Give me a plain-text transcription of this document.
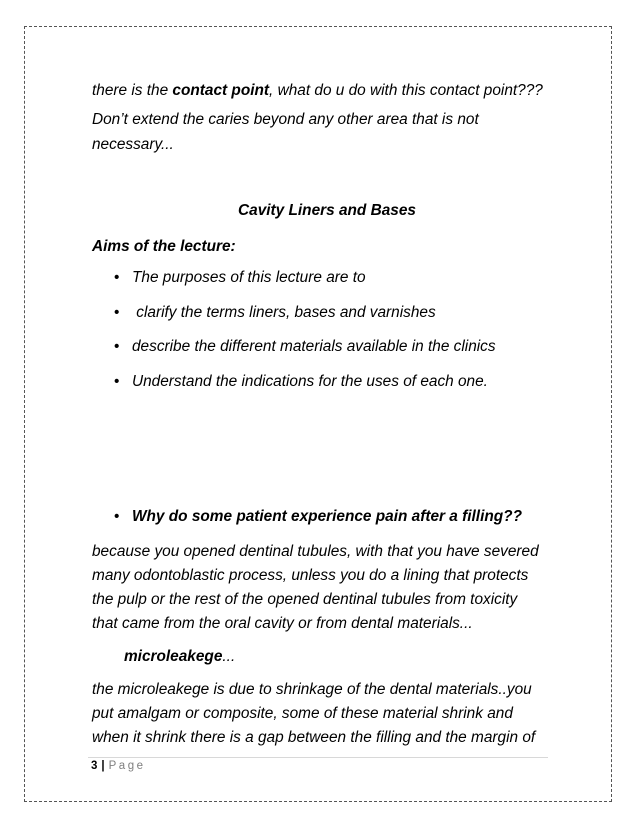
there is the contact point, what do u do with this contact point???
Don’t extend the caries beyond any other area that is not
necessary...
Cavity Liners and Bases
Aims of the lecture:
• The purposes of this lecture are to
• clarify the terms liners, bases and varnishes
• describe the different materials available in the clinics
• Understand the indications for the uses of each one.
• Why do some patient experience pain after a filling??
because you opened dentinal tubules, with that you have severed
many odontoblastic process, unless you do a lining that protects
the pulp or the rest of the opened dentinal tubules from toxicity
that came from the oral cavity or from dental materials...
microleakege...
the microleakege is due to shrinkage of the dental materials..you
put amalgam or composite, some of these material shrink and
when it shrink there is a gap between the filling and the margin of
3 | Page
